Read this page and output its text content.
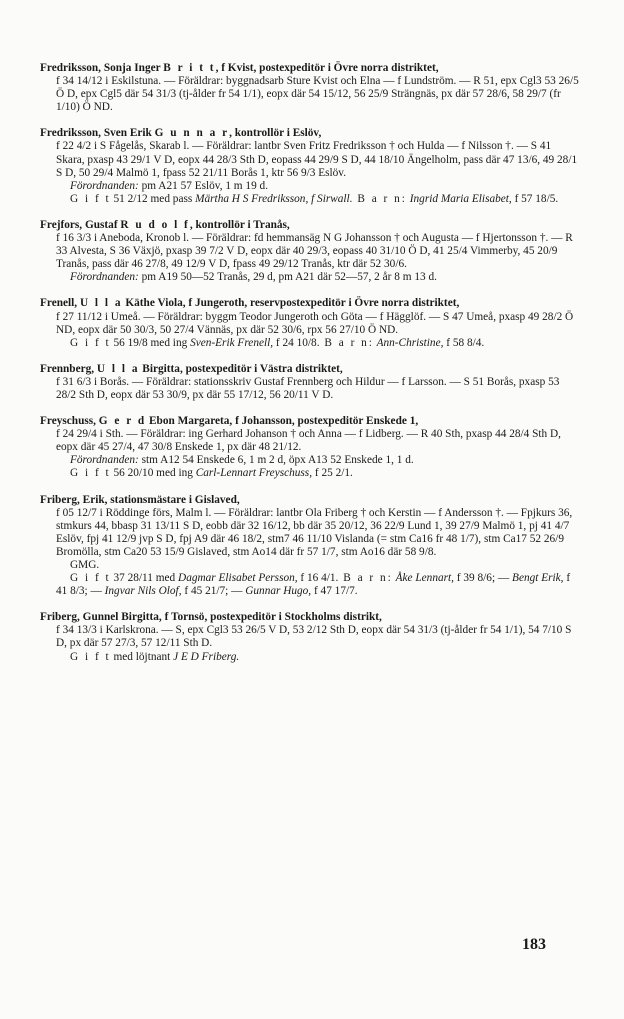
Fredriksson, Sonja Inger B r i t t, f Kvist, postexpeditör i Övre norra distriktet,

f 34 14/12 i Eskilstuna. — Föräldrar: byggnadsarb Sture Kvist och Elna — f Lundström. — R 51, epx Cgl3 53 26/5 Ö D, epx Cgl5 där 54 31/3 (tj-ålder fr 54 1/1), eopx där 54 15/12, 56 25/9 Strängnäs, px där 57 28/6, 58 29/7 (fr 1/10) Ö ND.

Fredriksson, Sven Erik G u n n a r, kontrollör i Eslöv,

f 22 4/2 i S Fågelås, Skarab l. — Föräldrar: lantbr Sven Fritz Fredriksson † och Hulda — f Nilsson †. — S 41 Skara, pxasp 43 29/1 V D, eopx 44 28/3 Sth D, eopass 44 29/9 S D, 44 18/10 Ängelholm, pass där 47 13/6, 49 28/1 S D, 50 29/4 Malmö 1, fpass 52 21/11 Borås 1, ktr 56 9/3 Eslöv.

Förordnanden: pm A21 57 Eslöv, 1 m 19 d.

G i f t 51 2/12 med pass Märtha H S Fredriksson, f Sirwall. B a r n: Ingrid Maria Elisabet, f 57 18/5.

Frejfors, Gustaf R u d o l f, kontrollör i Tranås,

f 16 3/3 i Aneboda, Kronob l. — Föräldrar: fd hemmansäg N G Johansson † och Augusta — f Hjertonsson †. — R 33 Alvesta, S 36 Växjö, pxasp 39 7/2 V D, eopx där 40 29/3, eopass 40 31/10 Ö D, 41 25/4 Vimmerby, 45 20/9 Tranås, pass där 46 27/8, 49 12/9 V D, fpass 49 29/12 Tranås, ktr där 52 30/6.

Förordnanden: pm A19 50—52 Tranås, 29 d, pm A21 där 52—57, 2 år 8 m 13 d.

Frenell, U l l a Käthe Viola, f Jungeroth, reservpostexpeditör i Övre norra distriktet,

f 27 11/12 i Umeå. — Föräldrar: byggm Teodor Jungeroth och Göta — f Hägglöf. — S 47 Umeå, pxasp 49 28/2 Ö ND, eopx där 50 30/3, 50 27/4 Vännäs, px där 52 30/6, rpx 56 27/10 Ö ND.

G i f t 56 19/8 med ing Sven-Erik Frenell, f 24 10/8. B a r n: Ann-Christine, f 58 8/4.

Frennberg, U l l a Birgitta, postexpeditör i Västra distriktet,

f 31 6/3 i Borås. — Föräldrar: stationsskriv Gustaf Frennberg och Hildur — f Larsson. — S 51 Borås, pxasp 53 28/2 Sth D, eopx där 53 30/9, px där 55 17/12, 56 20/11 V D.

Freyschuss, G e r d Ebon Margareta, f Johansson, postexpeditör Enskede 1,

f 24 29/4 i Sth. — Föräldrar: ing Gerhard Johanson † och Anna — f Lidberg. — R 40 Sth, pxasp 44 28/4 Sth D, eopx där 45 27/4, 47 30/8 Enskede 1, px där 48 21/12.

Förordnanden: stm A12 54 Enskede 6, 1 m 2 d, öpx A13 52 Enskede 1, 1 d.

G i f t 56 20/10 med ing Carl-Lennart Freyschuss, f 25 2/1.

Friberg, Erik, stationsmästare i Gislaved,

f 05 12/7 i Röddinge förs, Malm l. — Föräldrar: lantbr Ola Friberg † och Kerstin — f Andersson †. — Fpjkurs 36, stmkurs 44, bbasp 31 13/11 S D, eobb där 32 16/12, bb där 35 20/12, 36 22/9 Lund 1, 39 27/9 Malmö 1, pj 41 4/7 Eslöv, fpj 41 12/9 jvp S D, fpj A9 där 46 18/2, stm7 46 11/10 Vislanda (= stm Ca16 fr 48 1/7), stm Ca17 52 26/9 Bromölla, stm Ca20 53 15/9 Gislaved, stm Ao14 där fr 57 1/7, stm Ao16 där 58 9/8.

GMG.

G i f t 37 28/11 med Dagmar Elisabet Persson, f 16 4/1. B a r n: Åke Lennart, f 39 8/6; — Bengt Erik, f 41 8/3; — Ingvar Nils Olof, f 45 21/7; — Gunnar Hugo, f 47 17/7.

Friberg, Gunnel Birgitta, f Tornsö, postexpeditör i Stockholms distrikt,

f 34 13/3 i Karlskrona. — S, epx Cgl3 53 26/5 V D, 53 2/12 Sth D, eopx där 54 31/3 (tj-ålder fr 54 1/1), 54 7/10 S D, px där 57 27/3, 57 12/11 Sth D.

G i f t med löjtnant J E D Friberg.

183
